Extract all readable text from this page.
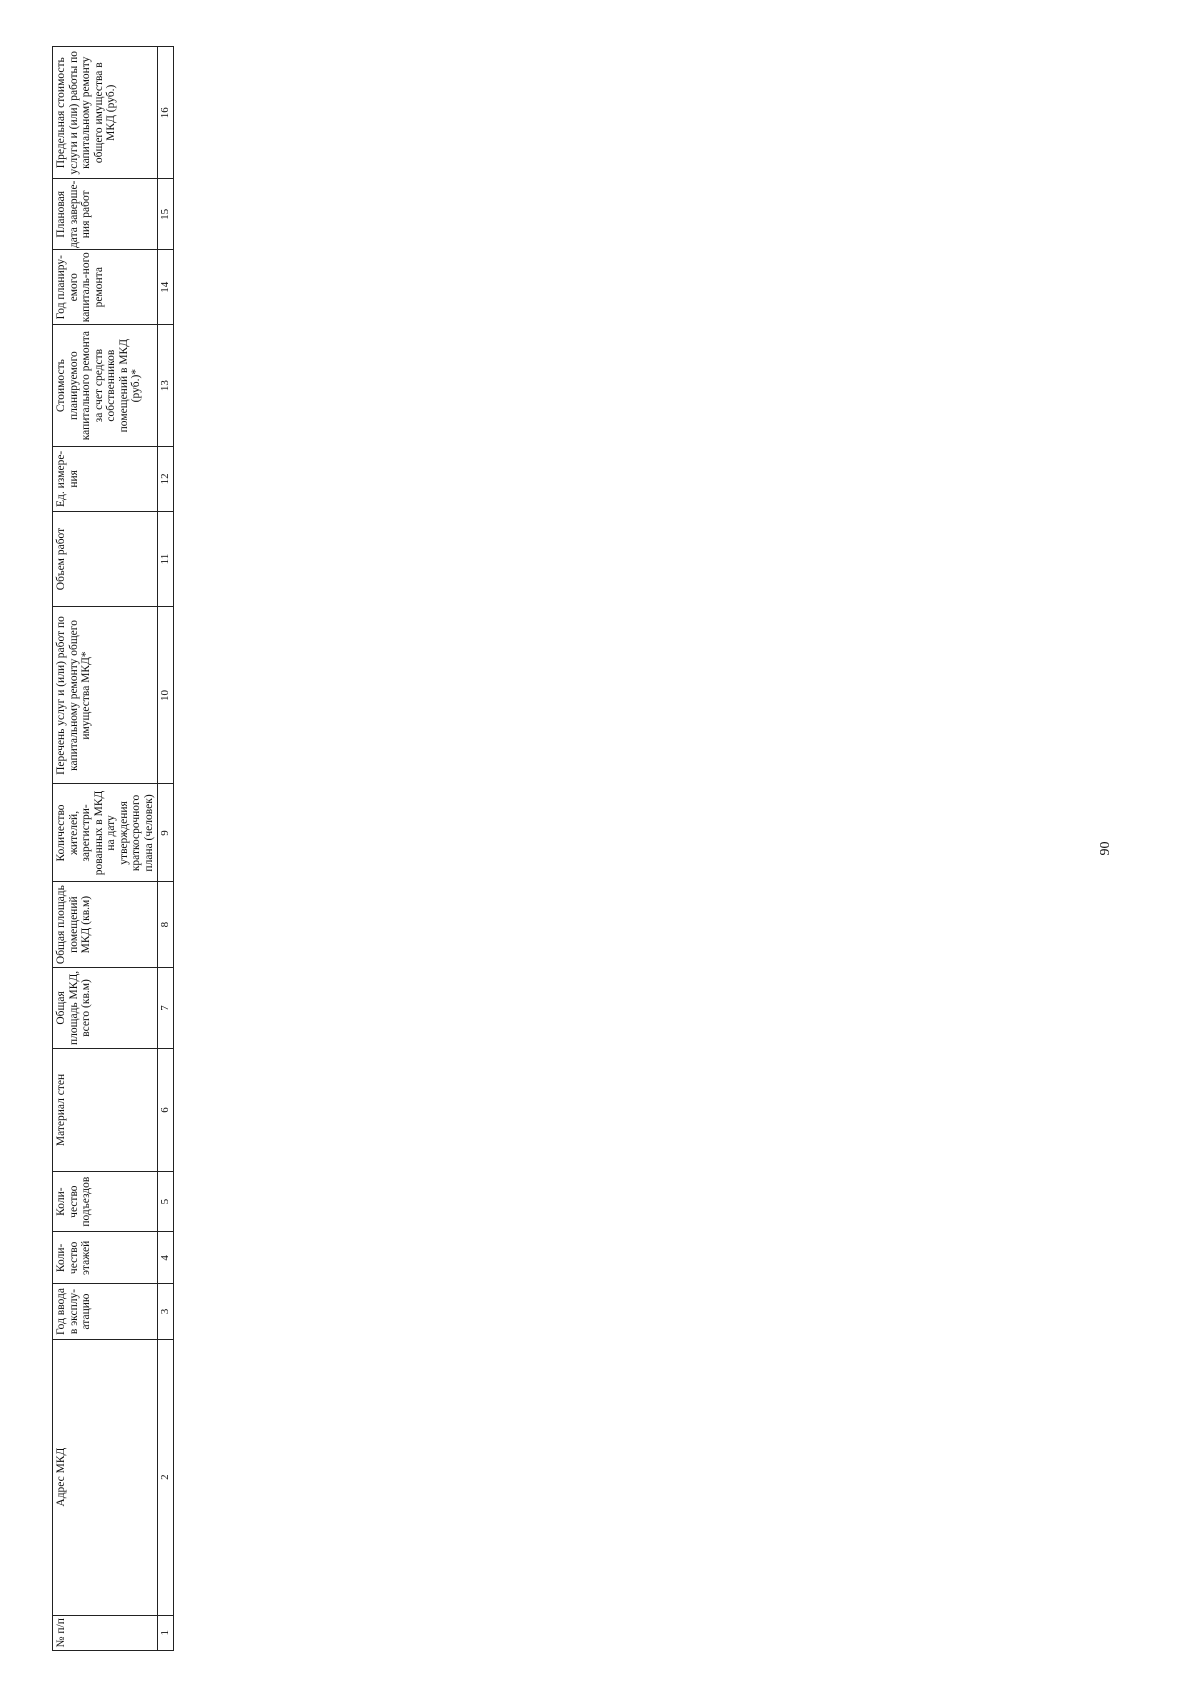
90
№ п/п	Адрес МКД	Год ввода в эксплу-атацию	Коли-чество этажей	Коли-чество подъездов	Материал стен	Общая площадь МКД, всего (кв.м)	Общая площадь помещений МКД (кв.м)	Количество жителей, зарегистри-рованных в МКД на дату утверждения краткосрочного плана (человек)	Перечень услуг и (или) работ по капитальному ремонту общего имущества МКД*	Объем работ	Ед. измере-ния	Стоимость планируемого капитального ремонта за счет средств собственников помещений в МКД (руб.)*	Год планиру-емого капиталь-ного ремонта	Плановая дата заверше-ния работ	Предельная стоимость услуги и (или) работы по капитальному ремонту общего имущества в МКД (руб.)
1	2	3	4	5	6	7	8	9	10	11	12	13	14	15	16
